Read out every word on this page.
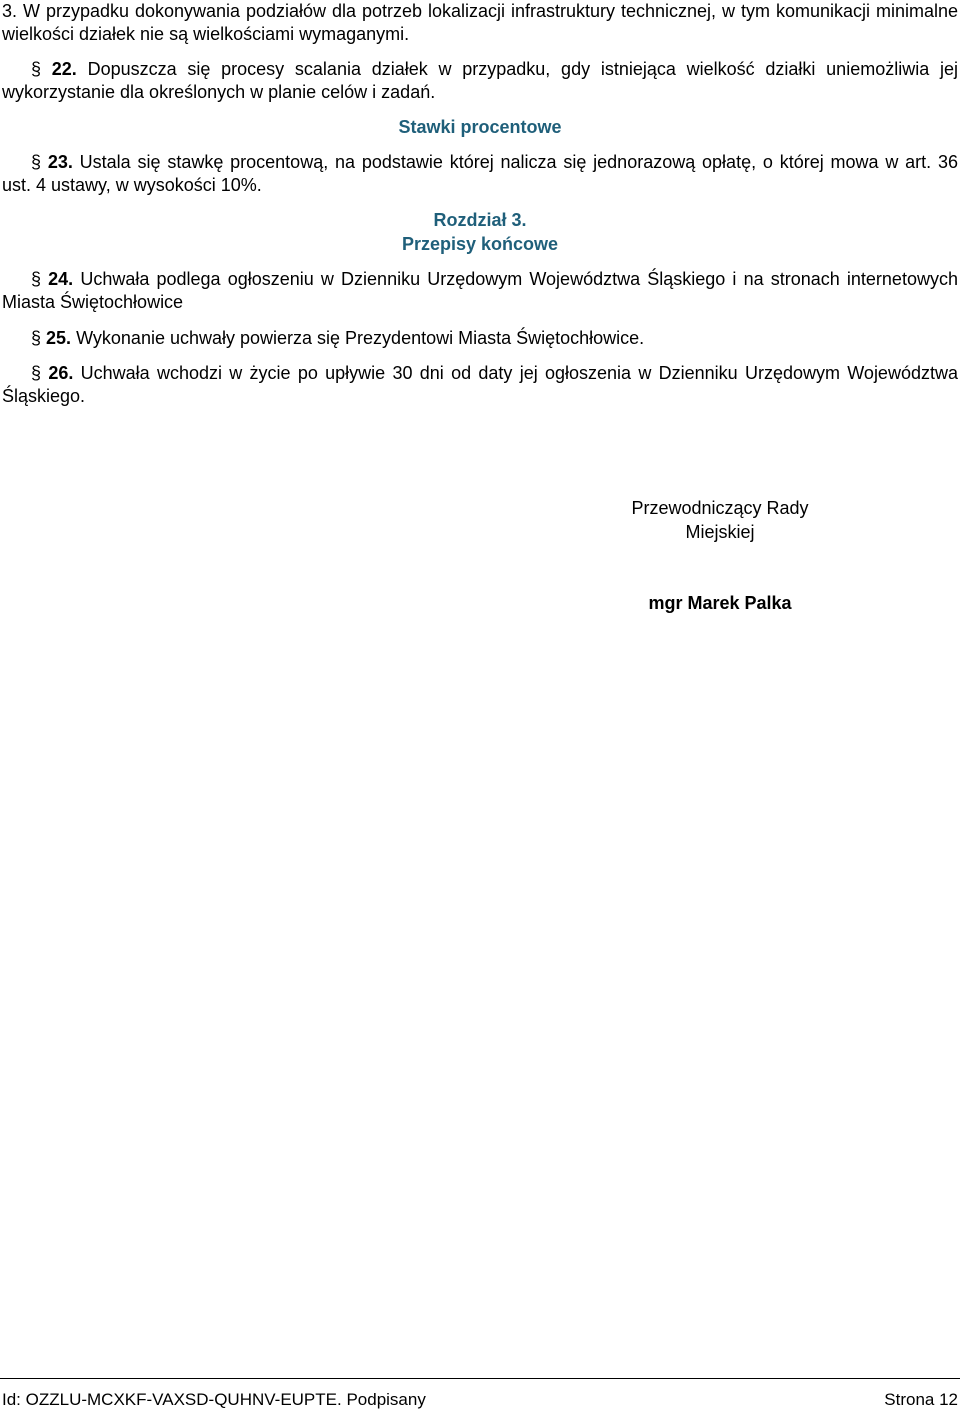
3. W przypadku dokonywania podziałów dla potrzeb lokalizacji infrastruktury technicznej, w tym komunikacji minimalne wielkości działek nie są wielkościami wymaganymi.

§ 22. Dopuszcza się procesy scalania działek w przypadku, gdy istniejąca wielkość działki uniemożliwia jej wykorzystanie dla określonych w planie celów i zadań.

Stawki procentowe

§ 23. Ustala się stawkę procentową, na podstawie której nalicza się jednorazową opłatę, o której mowa w art. 36 ust. 4 ustawy, w wysokości 10%.

Rozdział 3.

Przepisy końcowe

§ 24. Uchwała podlega ogłoszeniu w Dzienniku Urzędowym Województwa Śląskiego i na stronach internetowych Miasta Świętochłowice

§ 25. Wykonanie uchwały powierza się Prezydentowi Miasta Świętochłowice.

§ 26. Uchwała wchodzi w życie po upływie 30 dni od daty jej ogłoszenia w Dzienniku Urzędowym Województwa Śląskiego.

Przewodniczący Rady

Miejskiej

mgr Marek Palka

Id: OZZLU-MCXKF-VAXSD-QUHNV-EUPTE. Podpisany	Strona 12
